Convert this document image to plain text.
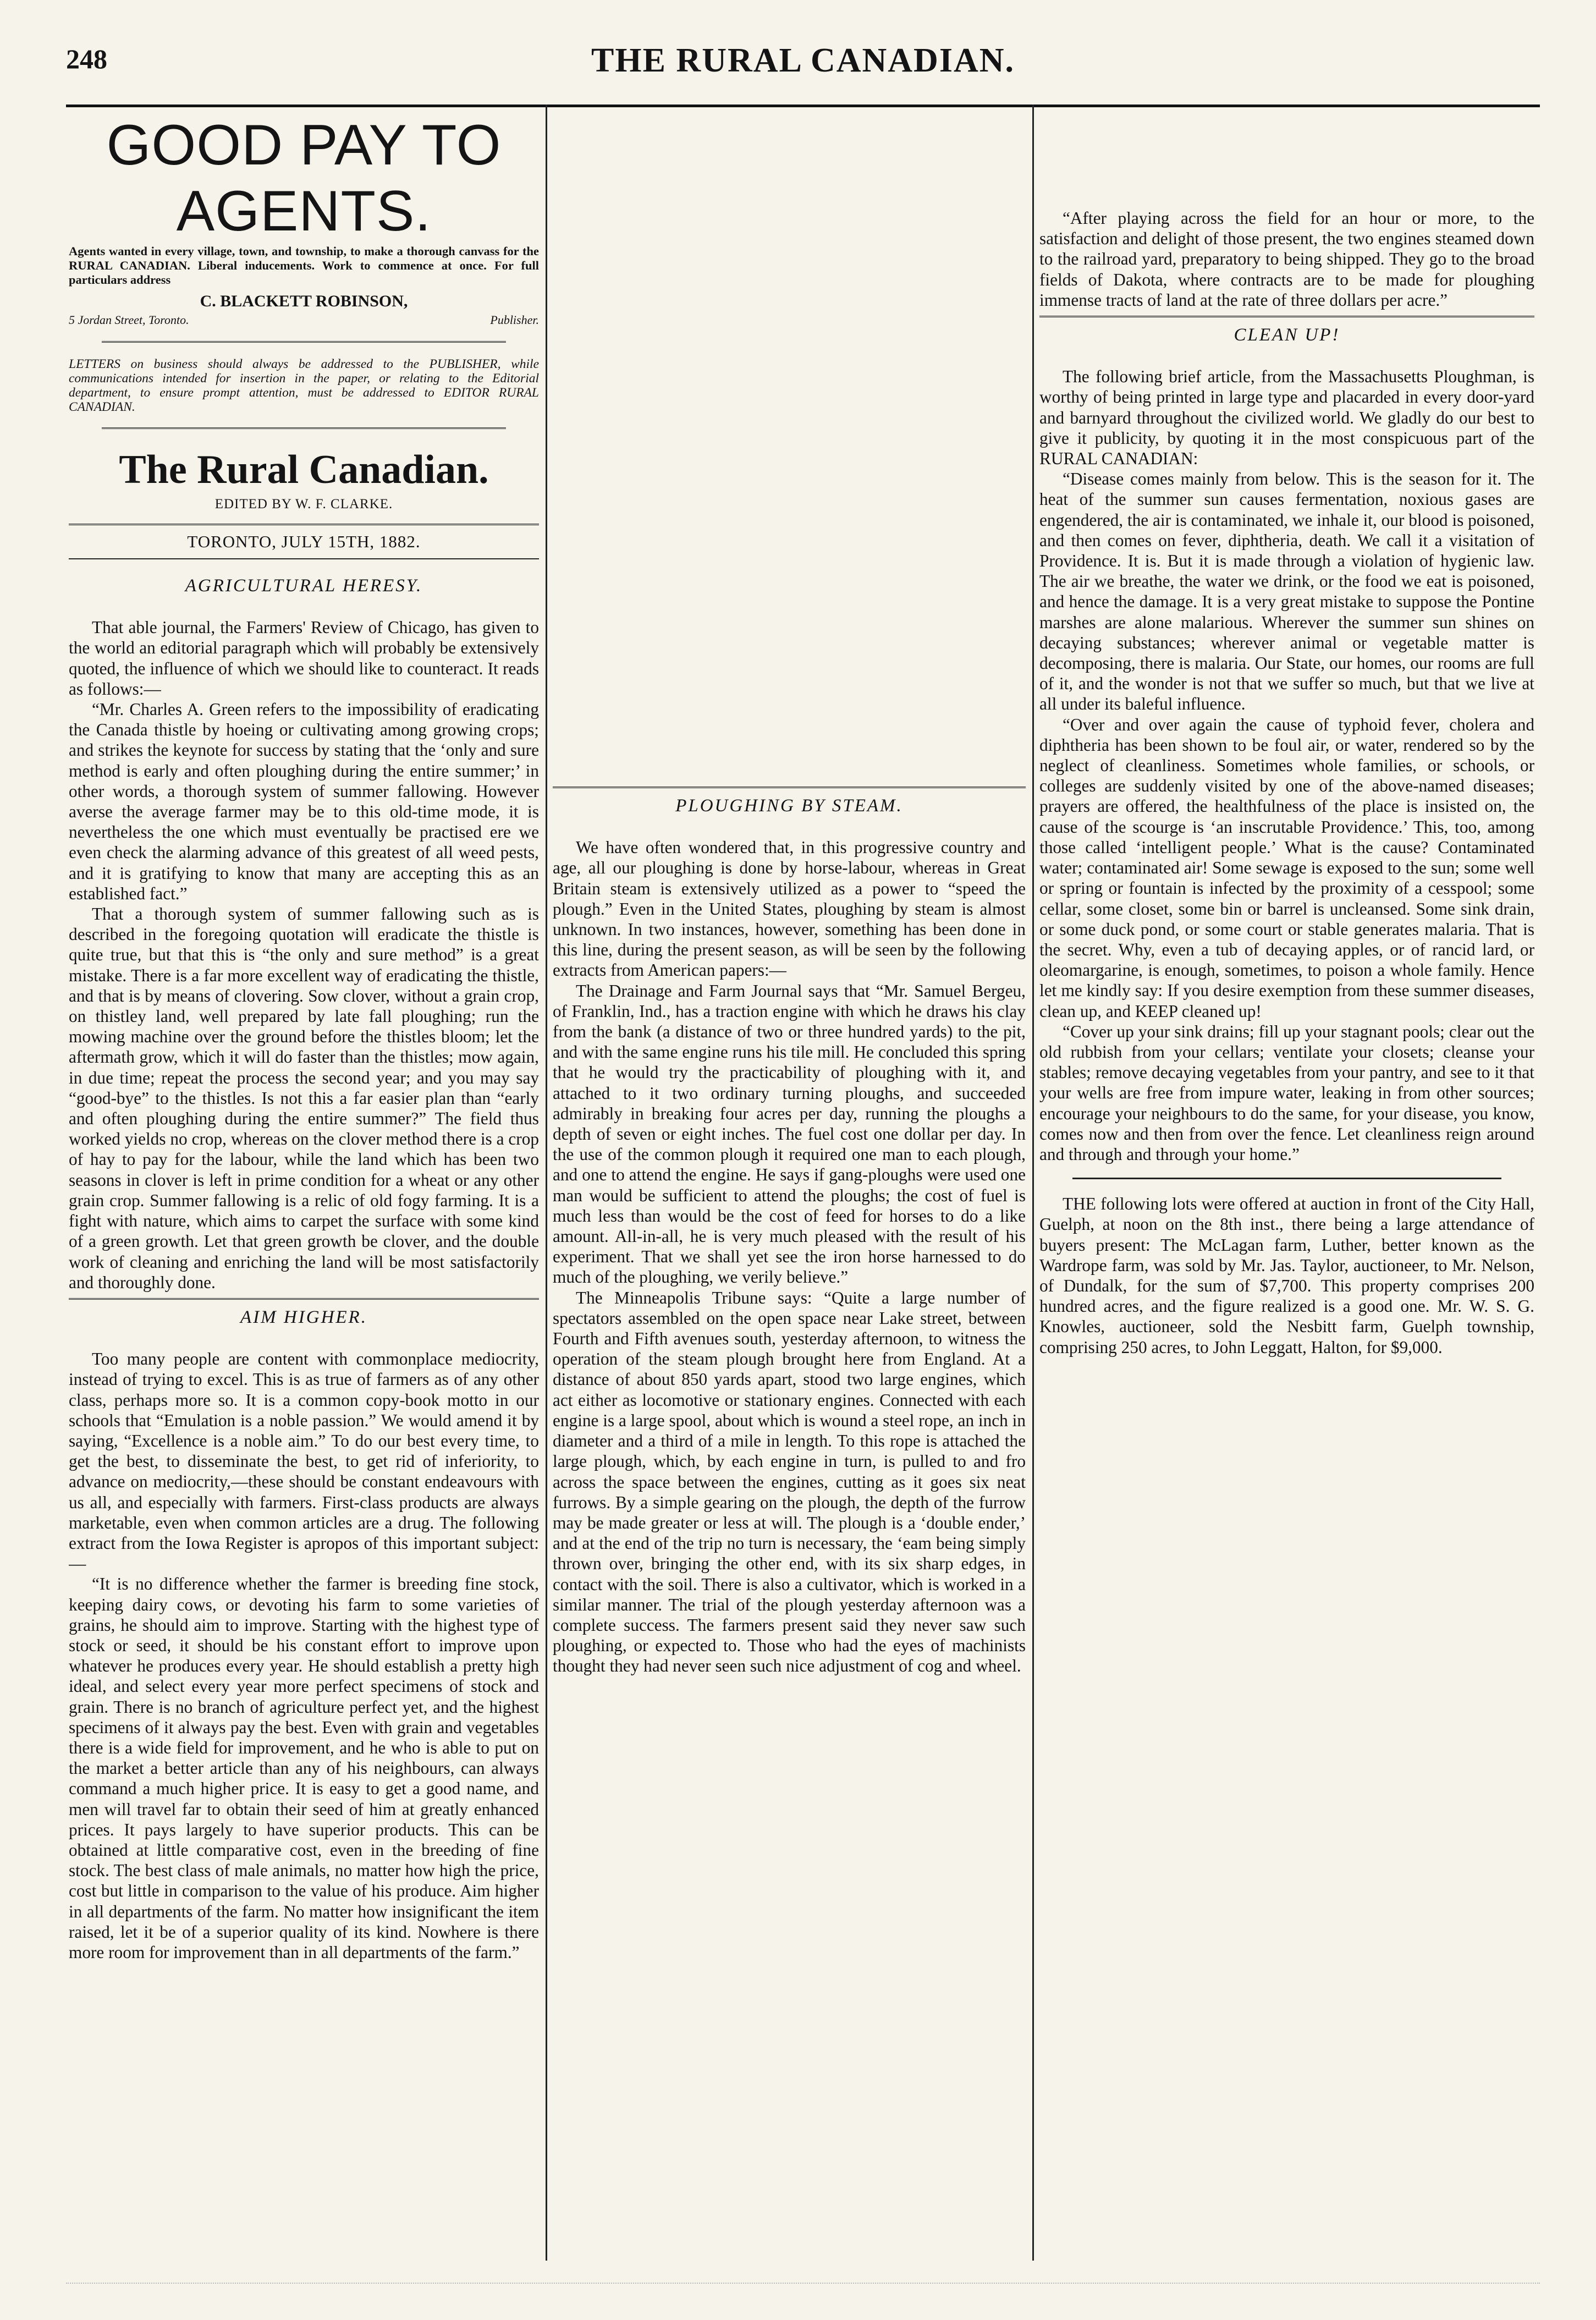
248	THE RURAL CANADIAN.
GOOD PAY TO AGENTS.

Agents wanted in every village, town, and township, to make a thorough canvass for the RURAL CANADIAN. Liberal inducements. Work to commence at once. For full particulars address

C. BLACKETT ROBINSON,

5 Jordan Street, Toronto.	Publisher.

LETTERS on business should always be addressed to the PUBLISHER, while communications intended for insertion in the paper, or relating to the Editorial department, to ensure prompt attention, must be addressed to EDITOR RURAL CANADIAN.

The Rural Canadian.

EDITED BY W. F. CLARKE.

TORONTO, JULY 15TH, 1882.

AGRICULTURAL HERESY.

That able journal, the Farmers' Review of Chicago, has given to the world an editorial paragraph which will probably be extensively quoted, the influence of which we should like to counteract. It reads as follows:—

“Mr. Charles A. Green refers to the impossibility of eradicating the Canada thistle by hoeing or cultivating among growing crops; and strikes the keynote for success by stating that the ‘only and sure method is early and often ploughing during the entire summer;’ in other words, a thorough system of summer fallowing. However averse the average farmer may be to this old-time mode, it is nevertheless the one which must eventually be practised ere we even check the alarming advance of this greatest of all weed pests, and it is gratifying to know that many are accepting this as an established fact.”

That a thorough system of summer fallowing such as is described in the foregoing quotation will eradicate the thistle is quite true, but that this is “the only and sure method” is a great mistake. There is a far more excellent way of eradicating the thistle, and that is by means of clovering. Sow clover, without a grain crop, on thistley land, well prepared by late fall ploughing; run the mowing machine over the ground before the thistles bloom; let the aftermath grow, which it will do faster than the thistles; mow again, in due time; repeat the process the second year; and you may say “good-bye” to the thistles. Is not this a far easier plan than “early and often ploughing during the entire summer?” The field thus worked yields no crop, whereas on the clover method there is a crop of hay to pay for the labour, while the land which has been two seasons in clover is left in prime condition for a wheat or any other grain crop. Summer fallowing is a relic of old fogy farming. It is a fight with nature, which aims to carpet the surface with some kind of a green growth. Let that green growth be clover, and the double work of cleaning and enriching the land will be most satisfactorily and thoroughly done.

AIM HIGHER.

Too many people are content with commonplace mediocrity, instead of trying to excel. This is as true of farmers as of any other class, perhaps more so. It is a common copy-book motto in our schools that “Emulation is a noble passion.” We would amend it by saying, “Excellence is a noble aim.” To do our best every time, to get the best, to disseminate the best, to get rid of inferiority, to advance on mediocrity,—these should be constant endeavours with us all, and especially with farmers. First-class products are always marketable, even when common articles are a drug. The following extract from the Iowa Register is apropos of this important subject:—

“It is no difference whether the farmer is breeding fine stock, keeping dairy cows, or devoting his farm to some varieties of grains, he should aim to improve. Starting with the highest type of stock or seed, it should be his constant effort to improve upon whatever he produces every year. He should establish a pretty high ideal, and select every year more perfect specimens of stock and grain. There is no branch of agriculture perfect yet, and the highest specimens of it always pay the best. Even with grain and vegetables there is a wide field for improvement, and he who is able to put on the market a better article than any of his neighbours, can always command a much higher price. It is easy to get a good name, and men will travel far to obtain their seed of him at greatly enhanced prices. It pays largely to have superior products. This can be obtained at little comparative cost, even in the breeding of fine stock. The best class of male animals, no matter how high the price, cost but little in comparison to the value of his produce. Aim higher in all departments of the farm. No matter how insignificant the item raised, let it be of a superior quality of its kind. Nowhere is there more room for improvement than in all departments of the farm.”

PLOUGHING BY STEAM.

We have often wondered that, in this progressive country and age, all our ploughing is done by horse-labour, whereas in Great Britain steam is extensively utilized as a power to “speed the plough.” Even in the United States, ploughing by steam is almost unknown. In two instances, however, something has been done in this line, during the present season, as will be seen by the following extracts from American papers:—

The Drainage and Farm Journal says that “Mr. Samuel Bergeu, of Franklin, Ind., has a traction engine with which he draws his clay from the bank (a distance of two or three hundred yards) to the pit, and with the same engine runs his tile mill. He concluded this spring that he would try the practicability of ploughing with it, and attached to it two ordinary turning ploughs, and succeeded admirably in breaking four acres per day, running the ploughs a depth of seven or eight inches. The fuel cost one dollar per day. In the use of the common plough it required one man to each plough, and one to attend the engine. He says if gang-ploughs were used one man would be sufficient to attend the ploughs; the cost of fuel is much less than would be the cost of feed for horses to do a like amount. All-in-all, he is very much pleased with the result of his experiment. That we shall yet see the iron horse harnessed to do much of the ploughing, we verily believe.”

The Minneapolis Tribune says: “Quite a large number of spectators assembled on the open space near Lake street, between Fourth and Fifth avenues south, yesterday afternoon, to witness the operation of the steam plough brought here from England. At a distance of about 850 yards apart, stood two large engines, which act either as locomotive or stationary engines. Connected with each engine is a large spool, about which is wound a steel rope, an inch in diameter and a third of a mile in length. To this rope is attached the large plough, which, by each engine in turn, is pulled to and fro across the space between the engines, cutting as it goes six neat furrows. By a simple gearing on the plough, the depth of the furrow may be made greater or less at will. The plough is a ‘double ender,’ and at the end of the trip no turn is necessary, the ‘eam being simply thrown over, bringing the other end, with its six sharp edges, in contact with the soil. There is also a cultivator, which is worked in a similar manner. The trial of the plough yesterday afternoon was a complete success. The farmers present said they never saw such ploughing, or expected to. Those who had the eyes of machinists thought they had never seen such nice adjustment of cog and wheel.

“After playing across the field for an hour or more, to the satisfaction and delight of those present, the two engines steamed down to the railroad yard, preparatory to being shipped. They go to the broad fields of Dakota, where contracts are to be made for ploughing immense tracts of land at the rate of three dollars per acre.”

CLEAN UP!

The following brief article, from the Massachusetts Ploughman, is worthy of being printed in large type and placarded in every door-yard and barnyard throughout the civilized world. We gladly do our best to give it publicity, by quoting it in the most conspicuous part of the RURAL CANADIAN:

“Disease comes mainly from below. This is the season for it. The heat of the summer sun causes fermentation, noxious gases are engendered, the air is contaminated, we inhale it, our blood is poisoned, and then comes on fever, diphtheria, death. We call it a visitation of Providence. It is. But it is made through a violation of hygienic law. The air we breathe, the water we drink, or the food we eat is poisoned, and hence the damage. It is a very great mistake to suppose the Pontine marshes are alone malarious. Wherever the summer sun shines on decaying substances; wherever animal or vegetable matter is decomposing, there is malaria. Our State, our homes, our rooms are full of it, and the wonder is not that we suffer so much, but that we live at all under its baleful influence.

“Over and over again the cause of typhoid fever, cholera and diphtheria has been shown to be foul air, or water, rendered so by the neglect of cleanliness. Sometimes whole families, or schools, or colleges are suddenly visited by one of the above-named diseases; prayers are offered, the healthfulness of the place is insisted on, the cause of the scourge is ‘an inscrutable Providence.’ This, too, among those called ‘intelligent people.’ What is the cause? Contaminated water; contaminated air! Some sewage is exposed to the sun; some well or spring or fountain is infected by the proximity of a cesspool; some cellar, some closet, some bin or barrel is uncleansed. Some sink drain, or some duck pond, or some court or stable generates malaria. That is the secret. Why, even a tub of decaying apples, or of rancid lard, or oleomargarine, is enough, sometimes, to poison a whole family. Hence let me kindly say: If you desire exemption from these summer diseases, clean up, and KEEP cleaned up!

“Cover up your sink drains; fill up your stagnant pools; clear out the old rubbish from your cellars; ventilate your closets; cleanse your stables; remove decaying vegetables from your pantry, and see to it that your wells are free from impure water, leaking in from other sources; encourage your neighbours to do the same, for your disease, you know, comes now and then from over the fence. Let cleanliness reign around and through and through your home.”

THE following lots were offered at auction in front of the City Hall, Guelph, at noon on the 8th inst., there being a large attendance of buyers present: The McLagan farm, Luther, better known as the Wardrope farm, was sold by Mr. Jas. Taylor, auctioneer, to Mr. Nelson, of Dundalk, for the sum of $7,700. This property comprises 200 hundred acres, and the figure realized is a good one. Mr. W. S. G. Knowles, auctioneer, sold the Nesbitt farm, Guelph township, comprising 250 acres, to John Leggatt, Halton, for $9,000.
